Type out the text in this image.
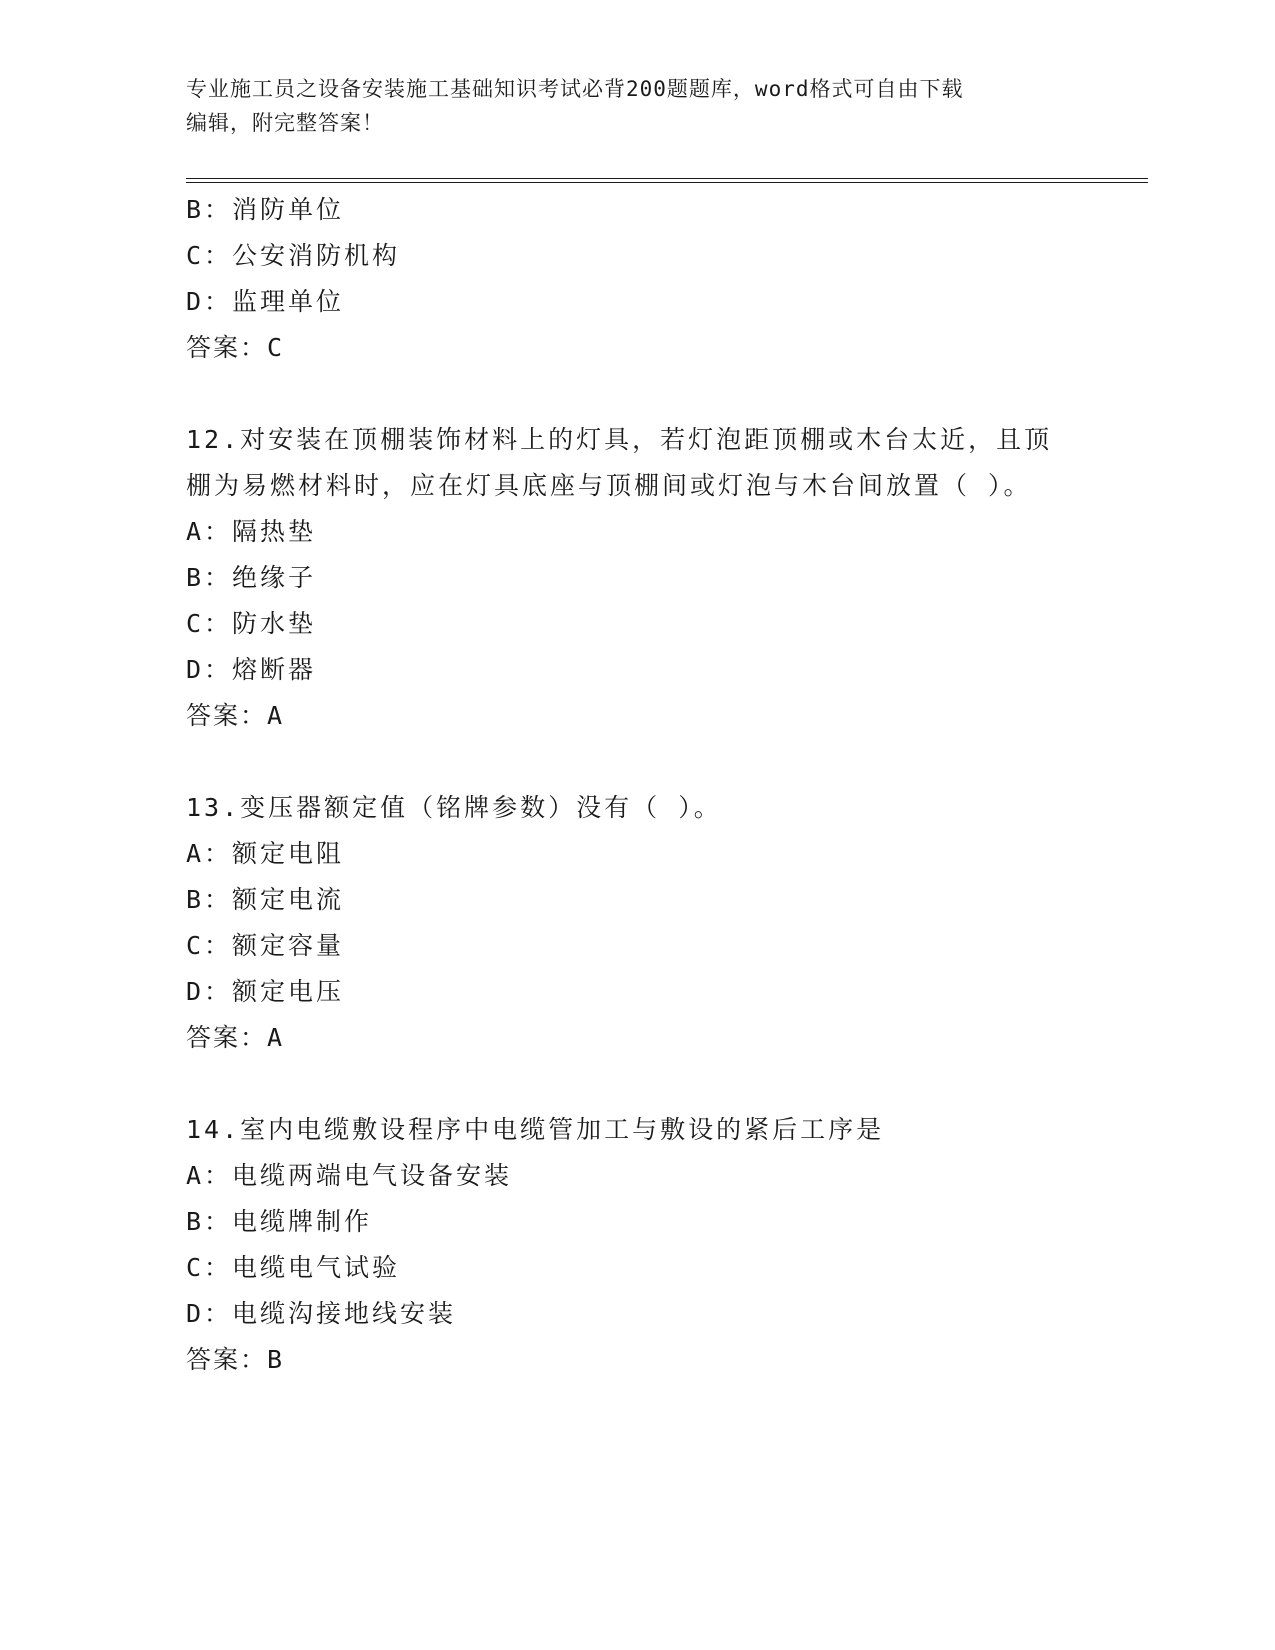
专业施工员之设备安装施工基础知识考试必背200题题库，word格式可自由下载
编辑，附完整答案！
B：消防单位
C：公安消防机构
D：监理单位
答案：C
12.对安装在顶棚装饰材料上的灯具，若灯泡距顶棚或木台太近，且顶
棚为易燃材料时，应在灯具底座与顶棚间或灯泡与木台间放置（ ）。
A：隔热垫
B：绝缘子
C：防水垫
D：熔断器
答案：A
13.变压器额定值（铭牌参数）没有（ ）。
A：额定电阻
B：额定电流
C：额定容量
D：额定电压
答案：A
14.室内电缆敷设程序中电缆管加工与敷设的紧后工序是
A：电缆两端电气设备安装
B：电缆牌制作
C：电缆电气试验
D：电缆沟接地线安装
答案：B
